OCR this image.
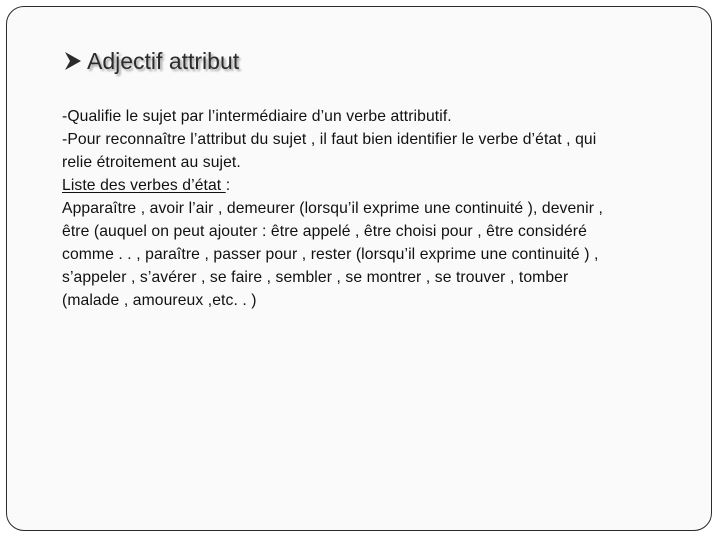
Adjectif attribut
-Qualifie le sujet par l’intermédiaire d’un verbe attributif.
-Pour reconnaître l’attribut du sujet , il faut bien identifier le verbe d’état , qui
relie étroitement au sujet.
Liste des verbes d’état :
Apparaître , avoir l’air , demeurer (lorsqu’il exprime une continuité ), devenir ,
être (auquel on peut ajouter : être appelé , être choisi pour , être considéré
comme . . , paraître , passer pour , rester (lorsqu’il exprime une continuité ) ,
s’appeler , s’avérer , se faire , sembler , se montrer , se trouver , tomber
(malade , amoureux ,etc. . )
